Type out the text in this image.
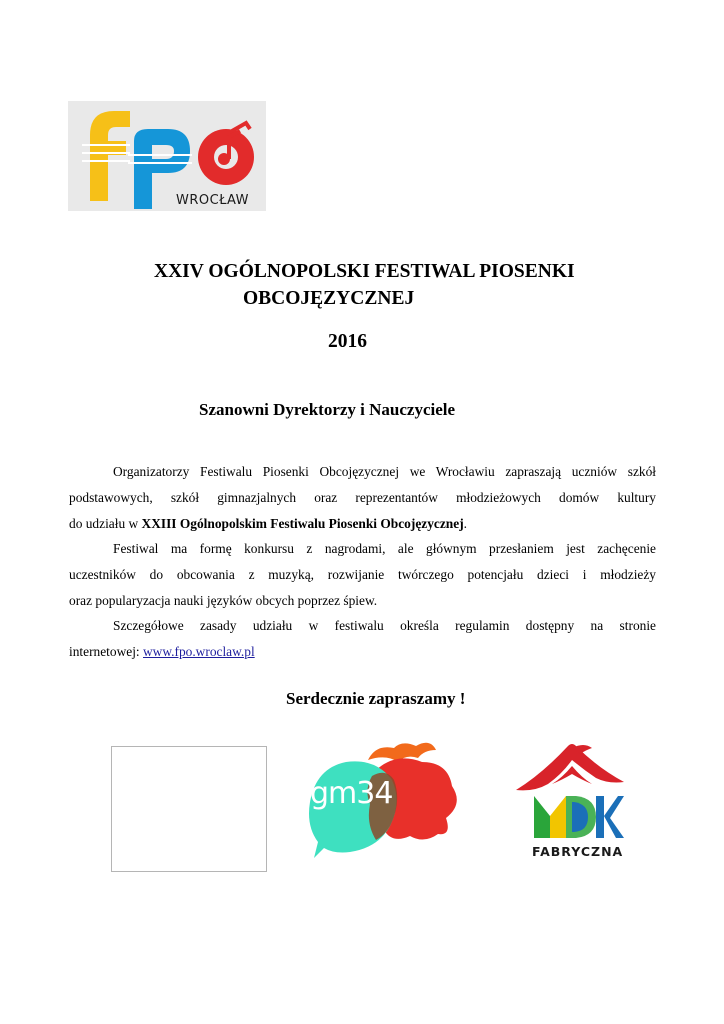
WROCŁAW
XXIV OGÓLNOPOLSKI FESTIWAL PIOSENKI
OBCOJĘZYCZNEJ
2016
Szanowni Dyrektorzy i Nauczyciele

Organizatorzy Festiwalu Piosenki Obcojęzycznej we Wrocławiu zapraszają uczniów szkół

podstawowych, szkół gimnazjalnych oraz reprezentantów młodzieżowych domów kultury

do udziału w XXIII Ogólnopolskim Festiwalu Piosenki Obcojęzycznej.

Festiwal ma formę konkursu z nagrodami, ale głównym przesłaniem jest zachęcenie

uczestników do obcowania z muzyką, rozwijanie twórczego potencjału dzieci i młodzieży

oraz popularyzacja nauki języków obcych poprzez śpiew.

Szczegółowe zasady udziału w festiwalu określa regulamin dostępny na stronie

internetowej: www.fpo.wroclaw.pl

Serdecznie zapraszamy !
gm34
FABRYCZNA
